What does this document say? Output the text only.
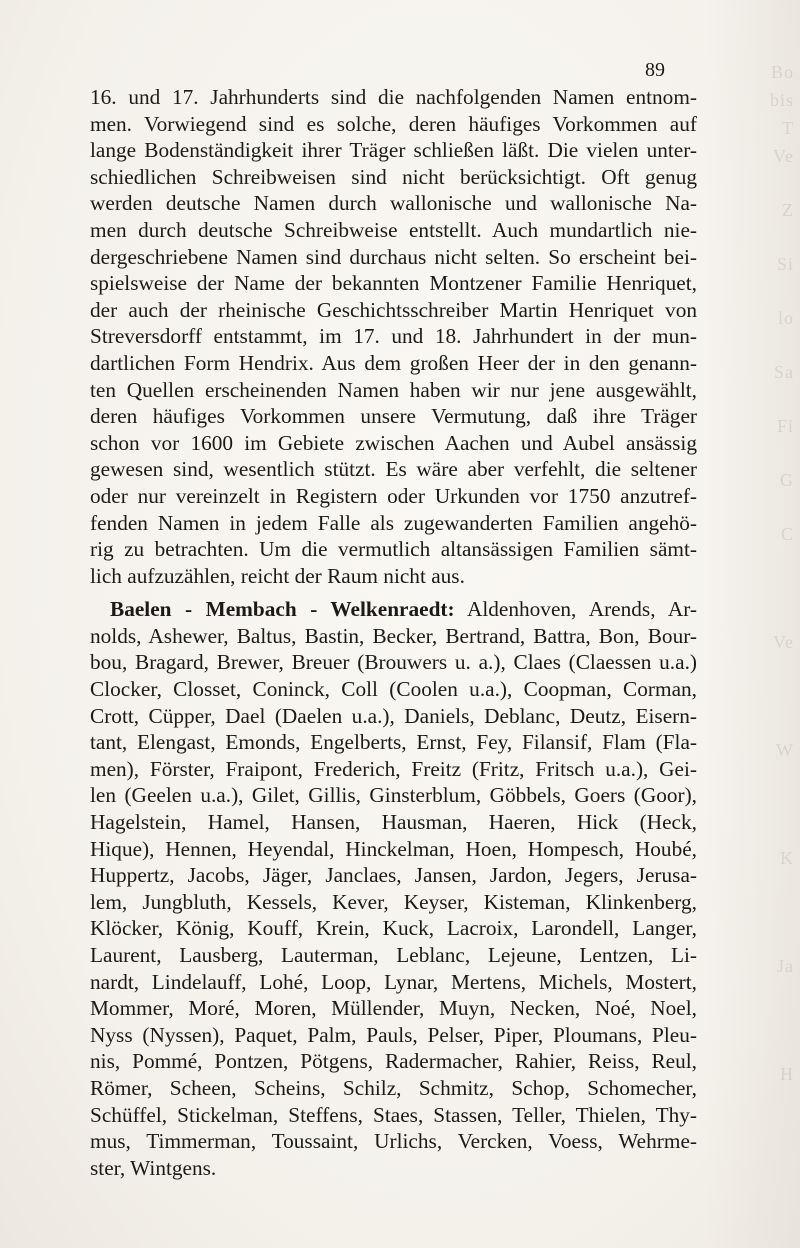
Bo
bis
T
Ve
Z
Si
lo
Sa
Fi
G
C
Ve
W
K
Ja
H

89

16. und 17. Jahrhunderts sind die nachfolgenden Namen entnom-
men. Vorwiegend sind es solche, deren häufiges Vorkommen auf
lange Bodenständigkeit ihrer Träger schließen läßt. Die vielen unter-
schiedlichen Schreibweisen sind nicht berücksichtigt. Oft genug
werden deutsche Namen durch wallonische und wallonische Na-
men durch deutsche Schreibweise entstellt. Auch mundartlich nie-
dergeschriebene Namen sind durchaus nicht selten. So erscheint bei-
spielsweise der Name der bekannten Montzener Familie Henriquet,
der auch der rheinische Geschichtsschreiber Martin Henriquet von
Streversdorff entstammt, im 17. und 18. Jahrhundert in der mun-
dartlichen Form Hendrix. Aus dem großen Heer der in den genann-
ten Quellen erscheinenden Namen haben wir nur jene ausgewählt,
deren häufiges Vorkommen unsere Vermutung, daß ihre Träger
schon vor 1600 im Gebiete zwischen Aachen und Aubel ansässig
gewesen sind, wesentlich stützt. Es wäre aber verfehlt, die seltener
oder nur vereinzelt in Registern oder Urkunden vor 1750 anzutref-
fenden Namen in jedem Falle als zugewanderten Familien angehö-
rig zu betrachten. Um die vermutlich altansässigen Familien sämt-
lich aufzuzählen, reicht der Raum nicht aus.
Baelen - Membach - Welkenraedt: Aldenhoven, Arends, Ar-
nolds, Ashewer, Baltus, Bastin, Becker, Bertrand, Battra, Bon, Bour-
bou, Bragard, Brewer, Breuer (Brouwers u. a.), Claes (Claessen u.a.)
Clocker, Closset, Coninck, Coll (Coolen u.a.), Coopman, Corman,
Crott, Cüpper, Dael (Daelen u.a.), Daniels, Deblanc, Deutz, Eisern-
tant, Elengast, Emonds, Engelberts, Ernst, Fey, Filansif, Flam (Fla-
men), Förster, Fraipont, Frederich, Freitz (Fritz, Fritsch u.a.), Gei-
len (Geelen u.a.), Gilet, Gillis, Ginsterblum, Göbbels, Goers (Goor),
Hagelstein, Hamel, Hansen, Hausman, Haeren, Hick (Heck,
Hique), Hennen, Heyendal, Hinckelman, Hoen, Hompesch, Houbé,
Huppertz, Jacobs, Jäger, Janclaes, Jansen, Jardon, Jegers, Jerusa-
lem, Jungbluth, Kessels, Kever, Keyser, Kisteman, Klinkenberg,
Klöcker, König, Kouff, Krein, Kuck, Lacroix, Larondell, Langer,
Laurent, Lausberg, Lauterman, Leblanc, Lejeune, Lentzen, Li-
nardt, Lindelauff, Lohé, Loop, Lynar, Mertens, Michels, Mostert,
Mommer, Moré, Moren, Müllender, Muyn, Necken, Noé, Noel,
Nyss (Nyssen), Paquet, Palm, Pauls, Pelser, Piper, Ploumans, Pleu-
nis, Pommé, Pontzen, Pötgens, Radermacher, Rahier, Reiss, Reul,
Römer, Scheen, Scheins, Schilz, Schmitz, Schop, Schomecher,
Schüffel, Stickelman, Steffens, Staes, Stassen, Teller, Thielen, Thy-
mus, Timmerman, Toussaint, Urlichs, Vercken, Voess, Wehrme-
ster, Wintgens.
